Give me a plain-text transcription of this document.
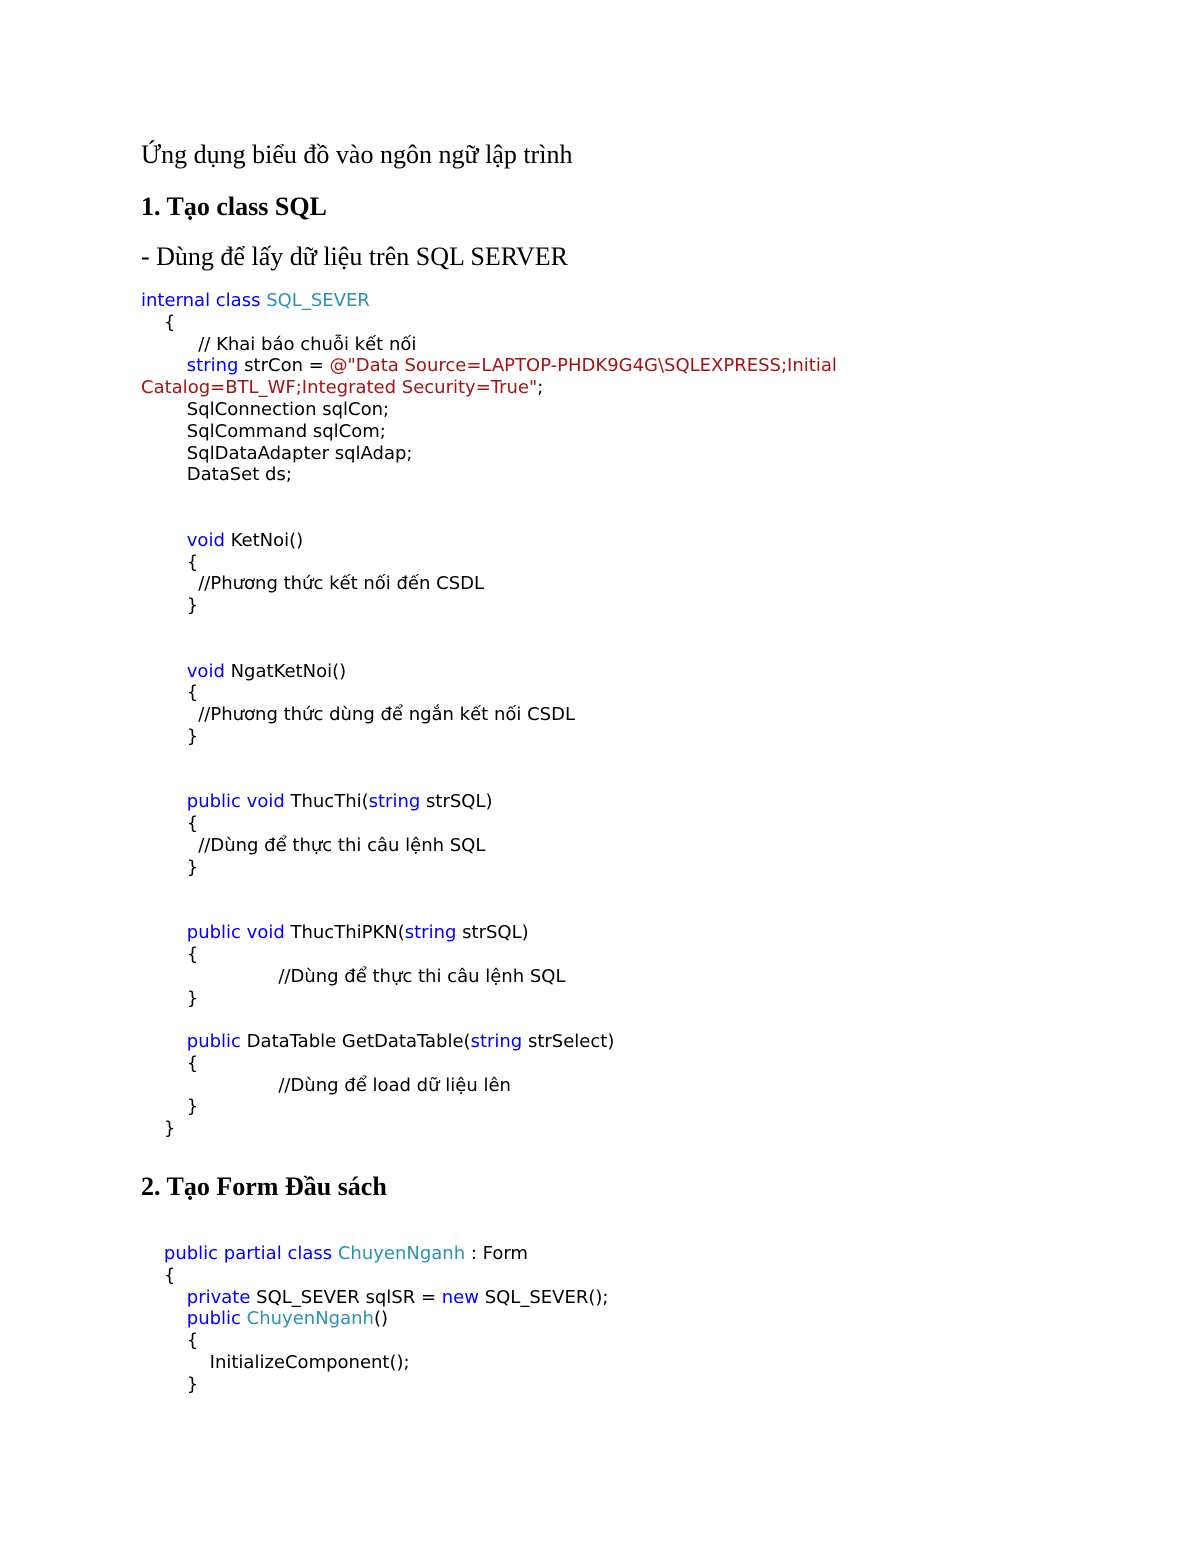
Ứng dụng biểu đồ vào ngôn ngữ lập trình
1. Tạo class SQL
- Dùng để lấy dữ liệu trên SQL SERVER
internal class SQL_SEVER
{
// Khai báo chuỗi kết nối
string strCon = @"Data Source=LAPTOP-PHDK9G4G\SQLEXPRESS;Initial
Catalog=BTL_WF;Integrated Security=True";
SqlConnection sqlCon;
SqlCommand sqlCom;
SqlDataAdapter sqlAdap;
DataSet ds;

void KetNoi()
{
//Phương thức kết nối đến CSDL
}

void NgatKetNoi()
{
//Phương thức dùng để ngắn kết nối CSDL
}

public void ThucThi(string strSQL)
{
//Dùng để thực thi câu lệnh SQL
}

public void ThucThiPKN(string strSQL)
{
//Dùng để thực thi câu lệnh SQL
}

public DataTable GetDataTable(string strSelect)
{
//Dùng để load dữ liệu lên
}
}
2. Tạo Form Đầu sách
public partial class ChuyenNganh : Form
{
private SQL_SEVER sqlSR = new SQL_SEVER();
public ChuyenNganh()
{
InitializeComponent();
}
